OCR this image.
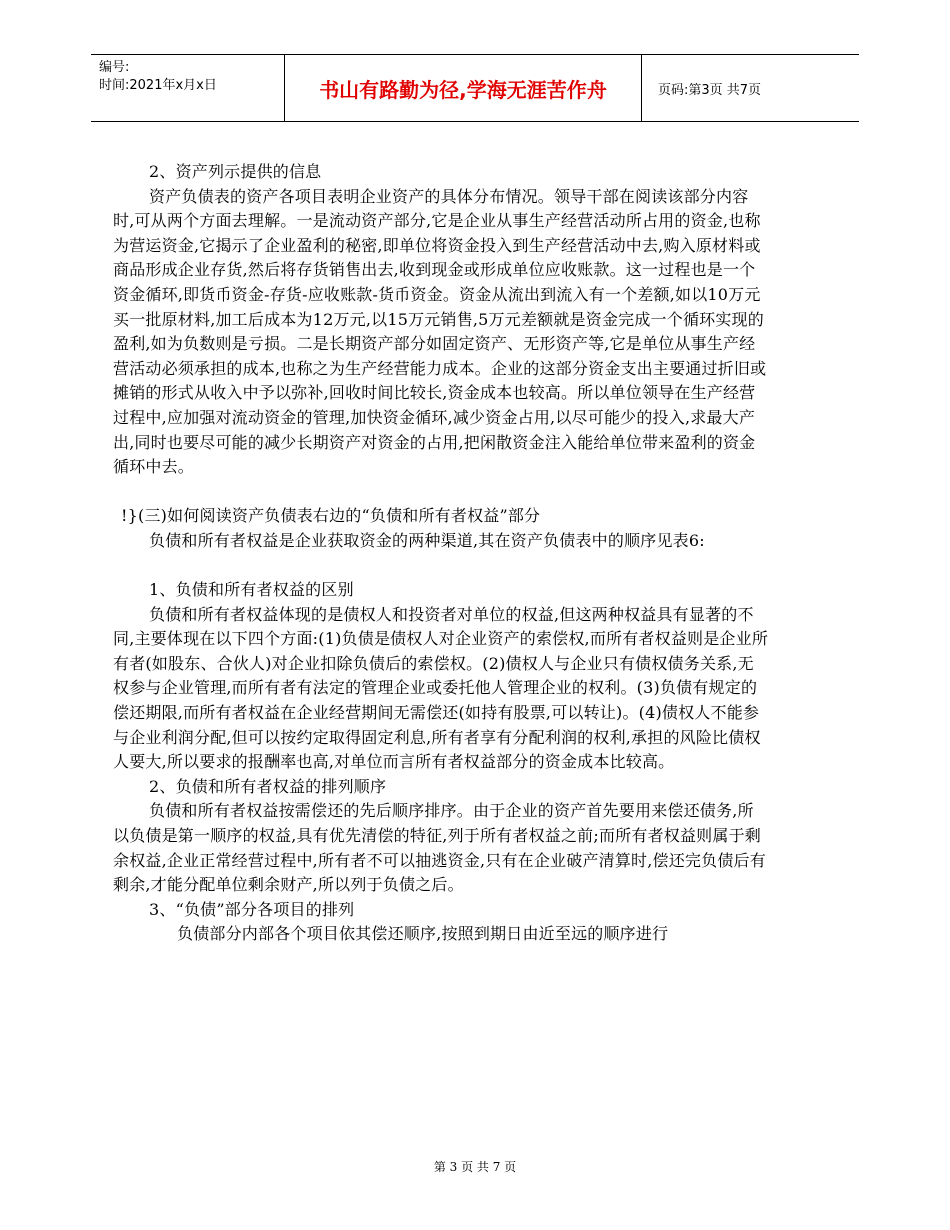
编号:
时间:2021年x月x日	书山有路勤为径,学海无涯苦作舟	页码:第3页 共7页

2、资产列示提供的信息

资产负债表的资产各项目表明企业资产的具体分布情况。领导干部在阅读该部分内容时,可从两个方面去理解。一是流动资产部分,它是企业从事生产经营活动所占用的资金,也称为营运资金,它揭示了企业盈利的秘密,即单位将资金投入到生产经营活动中去,购入原材料或商品形成企业存货,然后将存货销售出去,收到现金或形成单位应收账款。这一过程也是一个资金循环,即货币资金-存货-应收账款-货币资金。资金从流出到流入有一个差额,如以10万元买一批原材料,加工后成本为12万元,以15万元销售,5万元差额就是资金完成一个循环实现的盈利,如为负数则是亏损。二是长期资产部分如固定资产、无形资产等,它是单位从事生产经营活动必须承担的成本,也称之为生产经营能力成本。企业的这部分资金支出主要通过折旧或摊销的形式从收入中予以弥补,回收时间比较长,资金成本也较高。所以单位领导在生产经营过程中,应加强对流动资金的管理,加快资金循环,减少资金占用,以尽可能少的投入,求最大产出,同时也要尽可能的减少长期资产对资金的占用,把闲散资金注入能给单位带来盈利的资金循环中去。

!}(三)如何阅读资产负债表右边的“负债和所有者权益”部分

负债和所有者权益是企业获取资金的两种渠道,其在资产负债表中的顺序见表6:

1、负债和所有者权益的区别

负债和所有者权益体现的是债权人和投资者对单位的权益,但这两种权益具有显著的不同,主要体现在以下四个方面:(1)负债是债权人对企业资产的索偿权,而所有者权益则是企业所有者(如股东、合伙人)对企业扣除负债后的索偿权。(2)债权人与企业只有债权债务关系,无权参与企业管理,而所有者有法定的管理企业或委托他人管理企业的权利。(3)负债有规定的偿还期限,而所有者权益在企业经营期间无需偿还(如持有股票,可以转让)。(4)债权人不能参与企业利润分配,但可以按约定取得固定利息,所有者享有分配利润的权利,承担的风险比债权人要大,所以要求的报酬率也高,对单位而言所有者权益部分的资金成本比较高。

2、负债和所有者权益的排列顺序

负债和所有者权益按需偿还的先后顺序排序。由于企业的资产首先要用来偿还债务,所以负债是第一顺序的权益,具有优先清偿的特征,列于所有者权益之前;而所有者权益则属于剩余权益,企业正常经营过程中,所有者不可以抽逃资金,只有在企业破产清算时,偿还完负债后有剩余,才能分配单位剩余财产,所以列于负债之后。

3、“负债”部分各项目的排列

负债部分内部各个项目依其偿还顺序,按照到期日由近至远的顺序进行

第 3 页 共 7 页
